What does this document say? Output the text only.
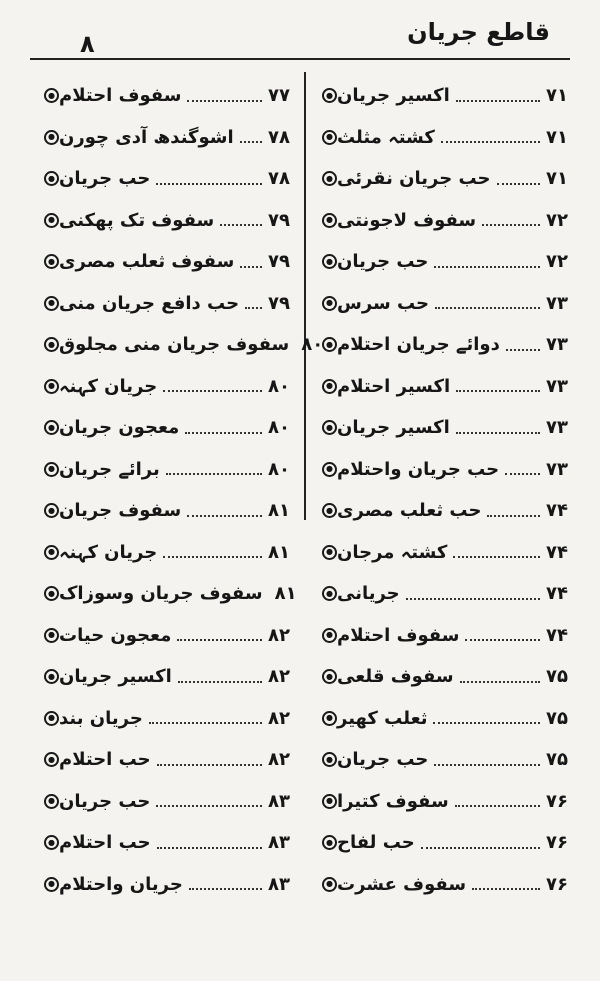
قاطع جریان
۸
● اکسیر جریان	۷۱
● کشتہ مثلث	۷۱
● حب جریان نقرئی	۷۱
● سفوف لاجونتی	۷۲
● حب جریان	۷۲
● حب سرس	۷۳
● دوائے جریان احتلام	۷۳
● اکسیر احتلام	۷۳
● اکسیر جریان	۷۳
● حب جریان واحتلام	۷۳
● حب ثعلب مصری	۷۴
● کشتہ مرجان	۷۴
● جریانی	۷۴
● سفوف احتلام	۷۴
● سفوف قلعی	۷۵
● ثعلب کھیر	۷۵
● حب جریان	۷۵
● سفوف کتیرا	۷۶
● حب لفاح	۷۶
● سفوف عشرت	۷۶
● سفوف احتلام	۷۷
● اشوگندھ آدی چورن ۷۸
● حب جریان	۷۸
● سفوف تک پھکنی	۷۹
● سفوف ثعلب مصری ۷۹
● حب دافع جریان منی ۷۹
● سفوف جریان منی مجلوق ۸۰
● جریان کہنہ	۸۰
● معجون جریان	۸۰
● برائے جریان	۸۰
● سفوف جریان	۸۱
● جریان کہنہ	۸۱
● سفوف جریان وسوزاک ۸۱
● معجون حیات	۸۲
● اکسیر جریان	۸۲
● جریان بند	۸۲
● حب احتلام	۸۲
● حب جریان	۸۳
● حب احتلام	۸۳
● جریان واحتلام	۸۳
